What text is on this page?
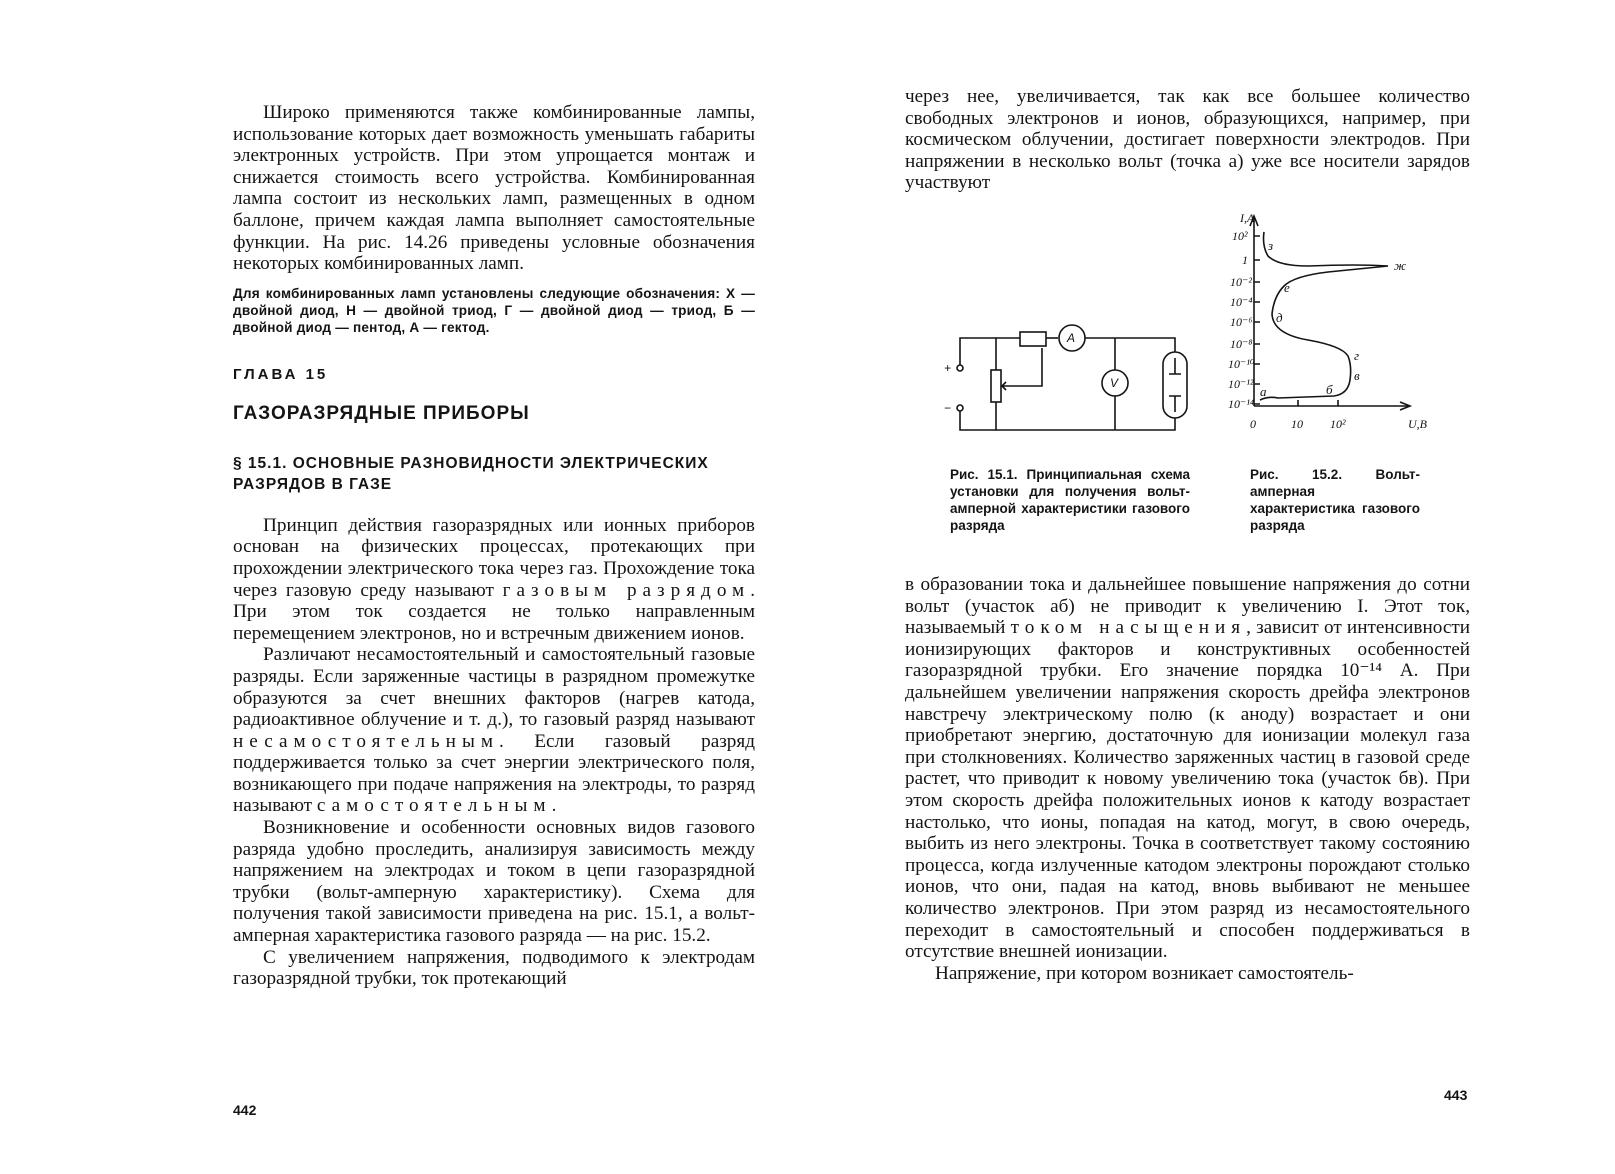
Широко применяются также комбинированные лампы, использование которых дает возможность уменьшать габариты электронных устройств. При этом упрощается монтаж и снижается стоимость всего устройства. Комбинированная лампа состоит из нескольких ламп, размещенных в одном баллоне, причем каждая лампа выполняет самостоятельные функции. На рис. 14.26 приведены условные обозначения некоторых комбинированных ламп.

Для комбинированных ламп установлены следующие обозначения: Х — двойной диод, Н — двойной триод, Г — двойной диод — триод, Б — двойной диод — пентод, А — гектод.

ГЛАВА 15
ГАЗОРАЗРЯДНЫЕ ПРИБОРЫ
§ 15.1. ОСНОВНЫЕ РАЗНОВИДНОСТИ ЭЛЕКТРИЧЕСКИХ РАЗРЯДОВ В ГАЗЕ

Принцип действия газоразрядных или ионных приборов основан на физических процессах, протекающих при прохождении электрического тока через газ. Прохождение тока через газовую среду называют газовым разрядом. При этом ток создается не только направленным перемещением электронов, но и встречным движением ионов.

Различают несамостоятельный и самостоятельный газовые разряды. Если заряженные частицы в разрядном промежутке образуются за счет внешних факторов (нагрев катода, радиоактивное облучение и т. д.), то газовый разряд называют несамостоятельным. Если газовый разряд поддерживается только за счет энергии электрического поля, возникающего при подаче напряжения на электроды, то разряд называют самостоятельным.

Возникновение и особенности основных видов газового разряда удобно проследить, анализируя зависимость между напряжением на электродах и током в цепи газоразрядной трубки (вольт-амперную характеристику). Схема для получения такой зависимости приведена на рис. 15.1, а вольт-амперная характеристика газового разряда — на рис. 15.2.

С увеличением напряжения, подводимого к электродам газоразрядной трубки, ток протекающий

442

через нее, увеличивается, так как все большее количество свободных электронов и ионов, образующихся, например, при космическом облучении, достигает поверхности электродов. При напряжении в несколько вольт (точка а) уже все носители зарядов участвуют

+
−
A
V
I,A
U,В
10²
1
10⁻²
10⁻⁴
10⁻⁶
10⁻⁸
10⁻¹⁰
10⁻¹²
10⁻¹⁴
0	10 10²
з
ж
е
д
г
в
б
а
Рис. 15.1. Принципиальная схема установки для получения вольт-амперной характеристики газового разряда
Рис. 15.2. Вольт-амперная характеристика газового разряда

в образовании тока и дальнейшее повышение напряжения до сотни вольт (участок аб) не приводит к увеличению I. Этот ток, называемый током насыщения, зависит от интенсивности ионизирующих факторов и конструктивных особенностей газоразрядной трубки. Его значение порядка 10⁻¹⁴ А. При дальнейшем увеличении напряжения скорость дрейфа электронов навстречу электрическому полю (к аноду) возрастает и они приобретают энергию, достаточную для ионизации молекул газа при столкновениях. Количество заряженных частиц в газовой среде растет, что приводит к новому увеличению тока (участок бв). При этом скорость дрейфа положительных ионов к катоду возрастает настолько, что ионы, попадая на катод, могут, в свою очередь, выбить из него электроны. Точка в соответствует такому состоянию процесса, когда излученные катодом электроны порождают столько ионов, что они, падая на катод, вновь выбивают не меньшее количество электронов. При этом разряд из несамостоятельного переходит в самостоятельный и способен поддерживаться в отсутствие внешней ионизации.

Напряжение, при котором возникает самостоятель-

443
